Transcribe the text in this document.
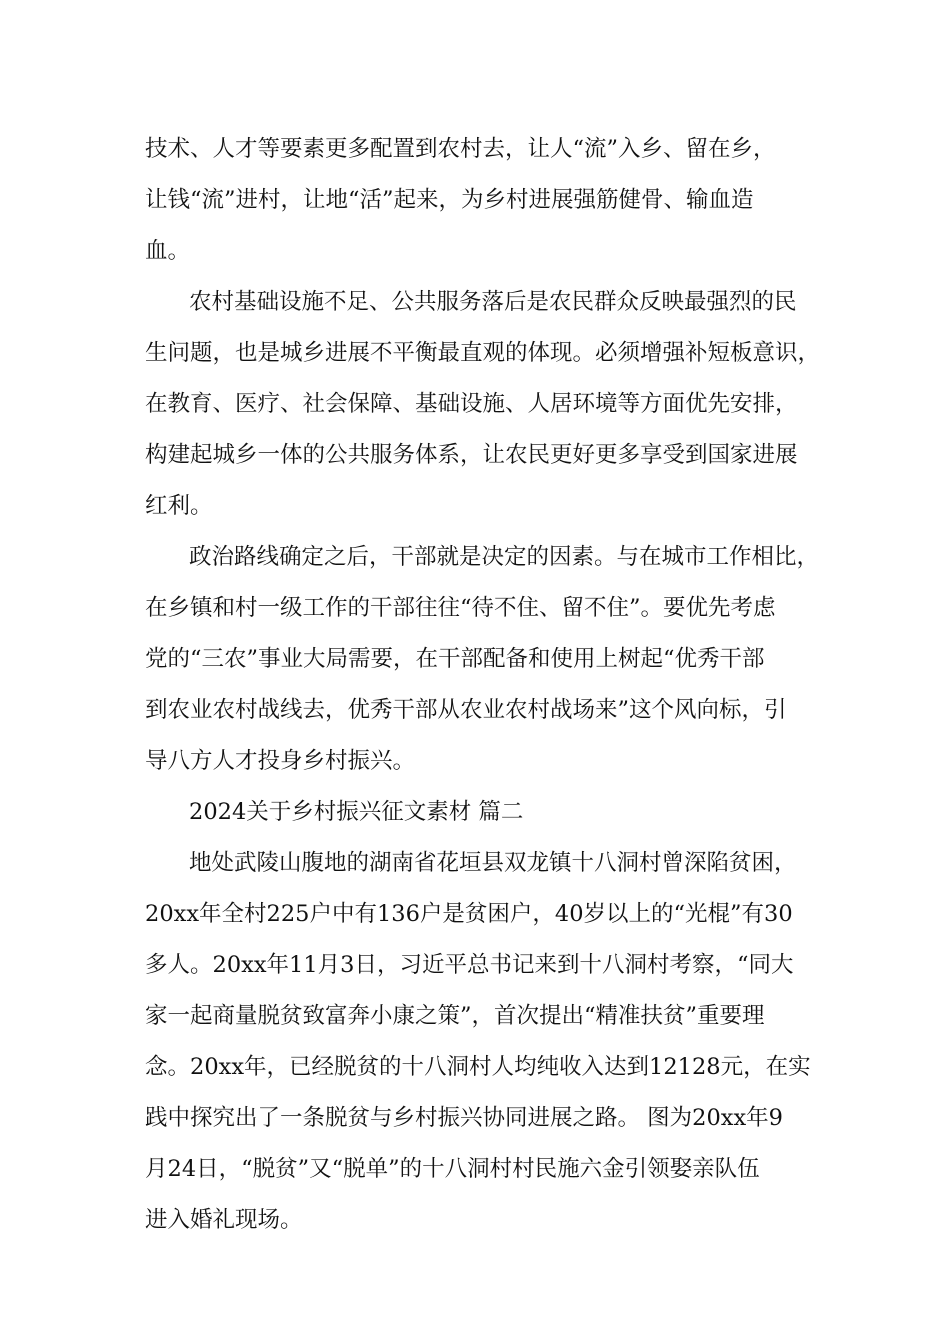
技术、人才等要素更多配置到农村去，让人“流”入乡、留在乡，

让钱“流”进村，让地“活”起来，为乡村进展强筋健骨、输血造

血。

农村基础设施不足、公共服务落后是农民群众反映最强烈的民

生问题，也是城乡进展不平衡最直观的体现。必须增强补短板意识，

在教育、医疗、社会保障、基础设施、人居环境等方面优先安排，

构建起城乡一体的公共服务体系，让农民更好更多享受到国家进展

红利。

政治路线确定之后，干部就是决定的因素。与在城市工作相比，

在乡镇和村一级工作的干部往往“待不住、留不住”。要优先考虑

党的“三农”事业大局需要，在干部配备和使用上树起“优秀干部

到农业农村战线去，优秀干部从农业农村战场来”这个风向标，引

导八方人才投身乡村振兴。

2024关于乡村振兴征文素材 篇二

地处武陵山腹地的湖南省花垣县双龙镇十八洞村曾深陷贫困，

20xx年全村225户中有136户是贫困户，40岁以上的“光棍”有30

多人。20xx年11月3日，习近平总书记来到十八洞村考察，“同大

家一起商量脱贫致富奔小康之策”，首次提出“精准扶贫”重要理

念。20xx年，已经脱贫的十八洞村人均纯收入达到12128元，在实

践中探究出了一条脱贫与乡村振兴协同进展之路。 图为20xx年9

月24日，“脱贫”又“脱单”的十八洞村村民施六金引领娶亲队伍

进入婚礼现场。
